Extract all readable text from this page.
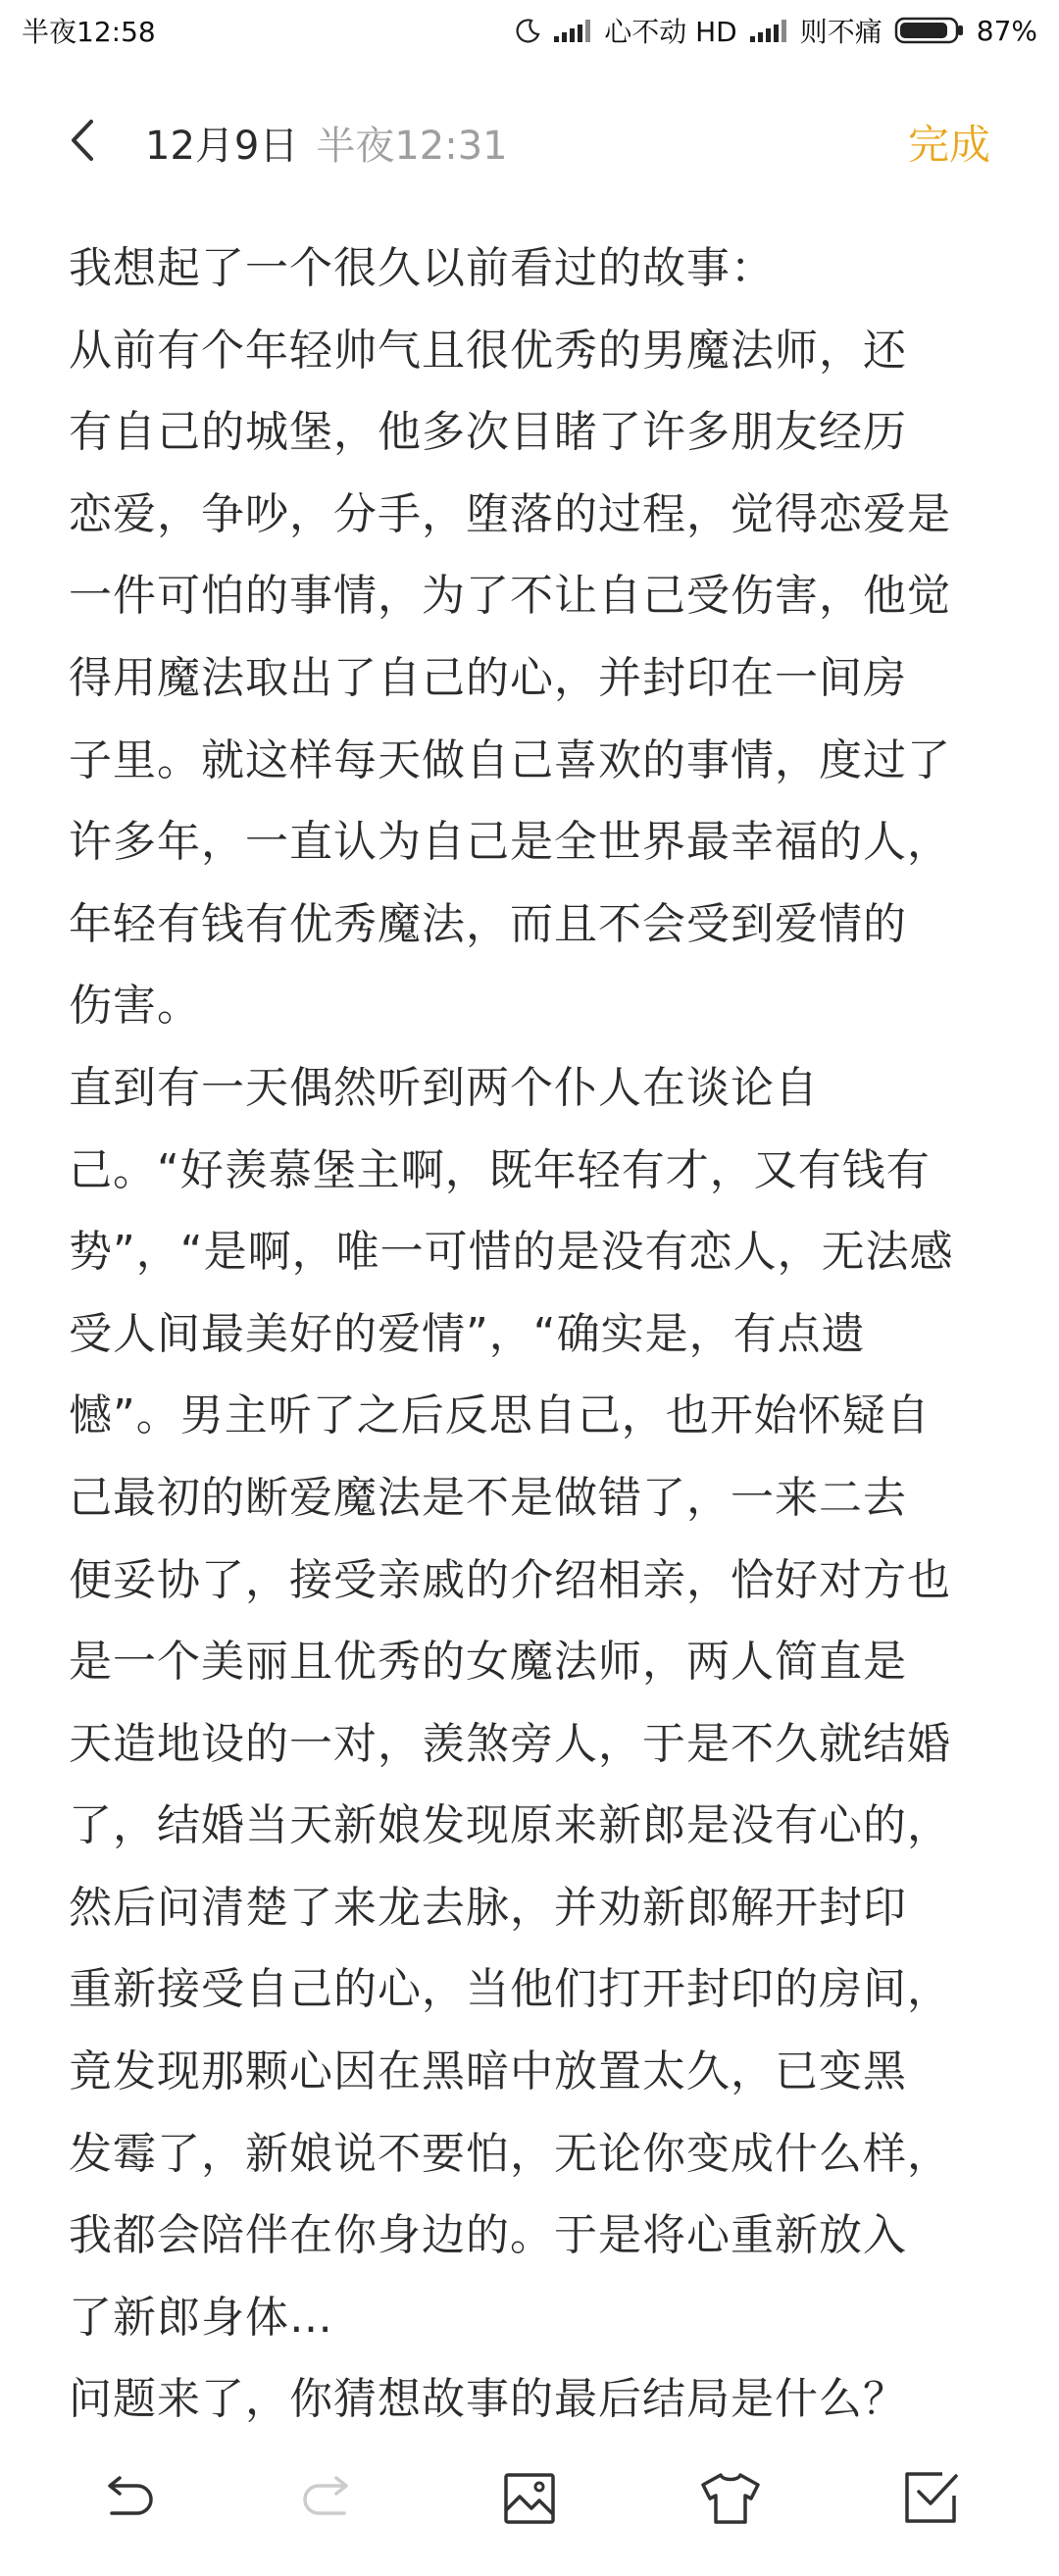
半夜12:58	心不动 HD 则不痛	87%
12月9日 半夜12:31	完成
我想起了一个很久以前看过的故事：
从前有个年轻帅气且很优秀的男魔法师，还
有自己的城堡，他多次目睹了许多朋友经历
恋爱，争吵，分手，堕落的过程，觉得恋爱是
一件可怕的事情，为了不让自己受伤害，他觉
得用魔法取出了自己的心，并封印在一间房
子里。就这样每天做自己喜欢的事情，度过了
许多年，一直认为自己是全世界最幸福的人，
年轻有钱有优秀魔法，而且不会受到爱情的
伤害。
直到有一天偶然听到两个仆人在谈论自
己。“好羡慕堡主啊，既年轻有才，又有钱有
势”，“是啊，唯一可惜的是没有恋人，无法感
受人间最美好的爱情”，“确实是，有点遗
憾”。男主听了之后反思自己，也开始怀疑自
己最初的断爱魔法是不是做错了，一来二去
便妥协了，接受亲戚的介绍相亲，恰好对方也
是一个美丽且优秀的女魔法师，两人简直是
天造地设的一对，羡煞旁人，于是不久就结婚
了，结婚当天新娘发现原来新郎是没有心的，
然后问清楚了来龙去脉，并劝新郎解开封印
重新接受自己的心，当他们打开封印的房间，
竟发现那颗心因在黑暗中放置太久，已变黑
发霉了，新娘说不要怕，无论你变成什么样，
我都会陪伴在你身边的。于是将心重新放入
了新郎身体…
问题来了，你猜想故事的最后结局是什么？
